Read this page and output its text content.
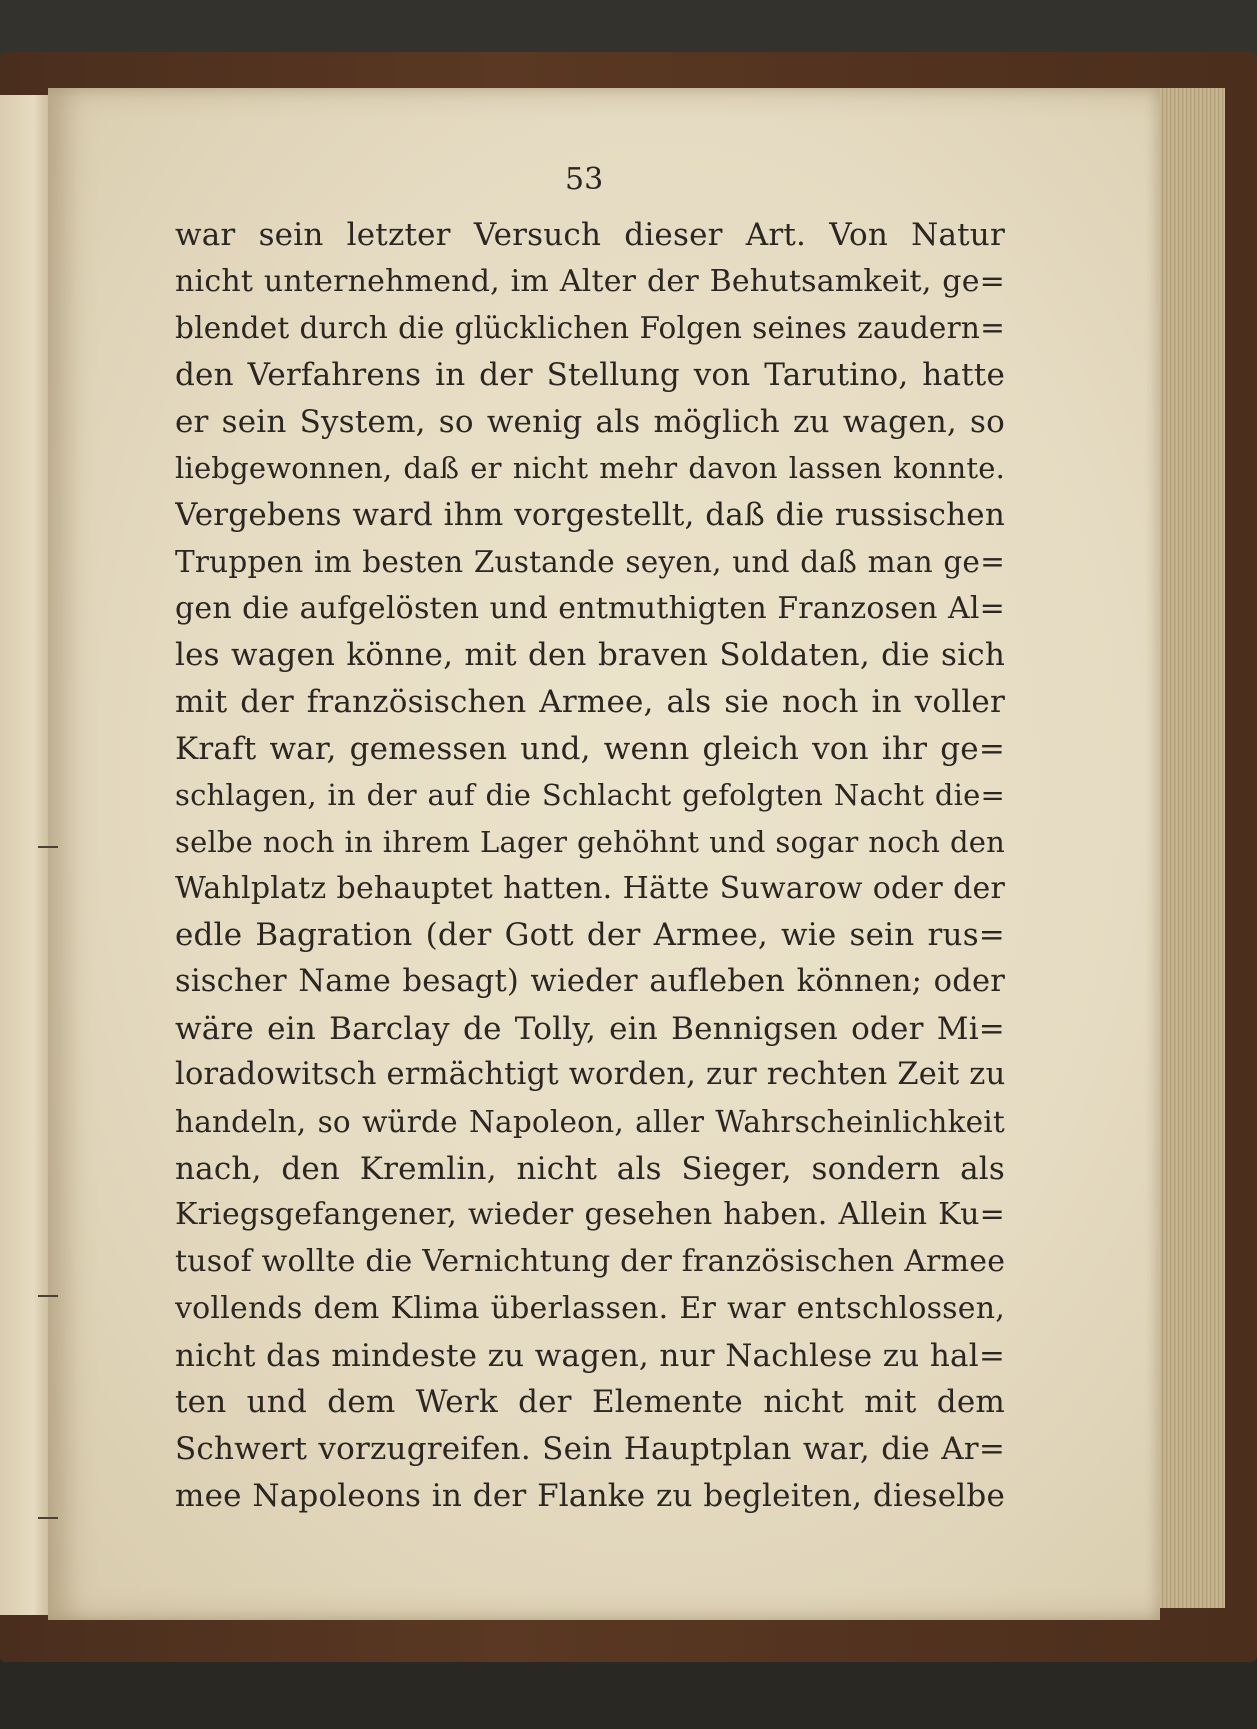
53

war sein letzter Versuch dieser Art. Von Natur
nicht unternehmend, im Alter der Behutsamkeit, ge=
blendet durch die glücklichen Folgen seines zaudern=
den Verfahrens in der Stellung von Tarutino, hatte
er sein System, so wenig als möglich zu wagen, so
liebgewonnen, daß er nicht mehr davon lassen konnte.
Vergebens ward ihm vorgestellt, daß die russischen
Truppen im besten Zustande seyen, und daß man ge=
gen die aufgelösten und entmuthigten Franzosen Al=
les wagen könne, mit den braven Soldaten, die sich
mit der französischen Armee, als sie noch in voller
Kraft war, gemessen und, wenn gleich von ihr ge=
schlagen, in der auf die Schlacht gefolgten Nacht die=
selbe noch in ihrem Lager gehöhnt und sogar noch den
Wahlplatz behauptet hatten. Hätte Suwarow oder der
edle Bagration (der Gott der Armee, wie sein rus=
sischer Name besagt) wieder aufleben können; oder
wäre ein Barclay de Tolly, ein Bennigsen oder Mi=
loradowitsch ermächtigt worden, zur rechten Zeit zu
handeln, so würde Napoleon, aller Wahrscheinlichkeit
nach, den Kremlin, nicht als Sieger, sondern als
Kriegsgefangener, wieder gesehen haben. Allein Ku=
tusof wollte die Vernichtung der französischen Armee
vollends dem Klima überlassen. Er war entschlossen,
nicht das mindeste zu wagen, nur Nachlese zu hal=
ten und dem Werk der Elemente nicht mit dem
Schwert vorzugreifen. Sein Hauptplan war, die Ar=
mee Napoleons in der Flanke zu begleiten, dieselbe
